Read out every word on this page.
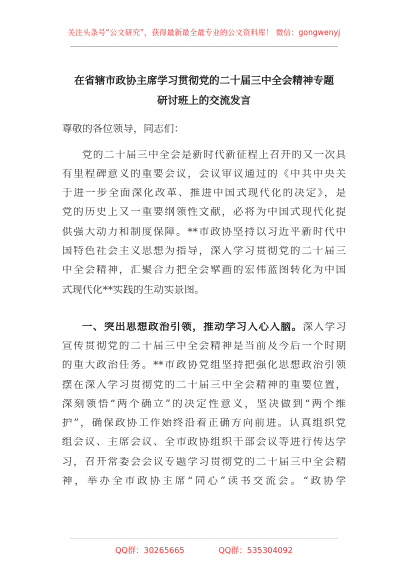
关注头条号“公文研究”，获得最新最全最专业的公文资料库！ 微信：gongwenyj
在省辖市政协主席学习贯彻党的二十届三中全会精神专题
研讨班上的交流发言
尊敬的各位领导，同志们：
党的二十届三中全会是新时代新征程上召开的又一次具
有里程碑意义的重要会议，会议审议通过的《中共中央关
于进一步全面深化改革、推进中国式现代化的决定》，是
党的历史上又一重要纲领性文献，必将为中国式现代化提
供强大动力和制度保障。**市政协坚持以习近平新时代中
国特色社会主义思想为指导，深入学习贯彻党的二十届三
中全会精神，汇聚合力把全会擘画的宏伟蓝图转化为中国
式现代化**实践的生动实景图。
一、突出思想政治引领，推动学习入心入脑。深入学习
宣传贯彻党的二十届三中全会精神是当前及今后一个时期
的重大政治任务。**市政协党组坚持把强化思想政治引领
摆在深入学习贯彻党的二十届三中全会精神的重要位置，
深刻领悟“两个确立”的决定性意义，坚决做到“两个维
护”，确保政协工作始终沿着正确方向前进。认真组织党
组会议、主席会议、全市政协组织干部会议等进行传达学
习，召开常委会会议专题学习贯彻党的二十届三中全会精
神，举办全市政协主席“同心”读书交流会。“政协学
QQ群：30265665	QQ群：535304092
